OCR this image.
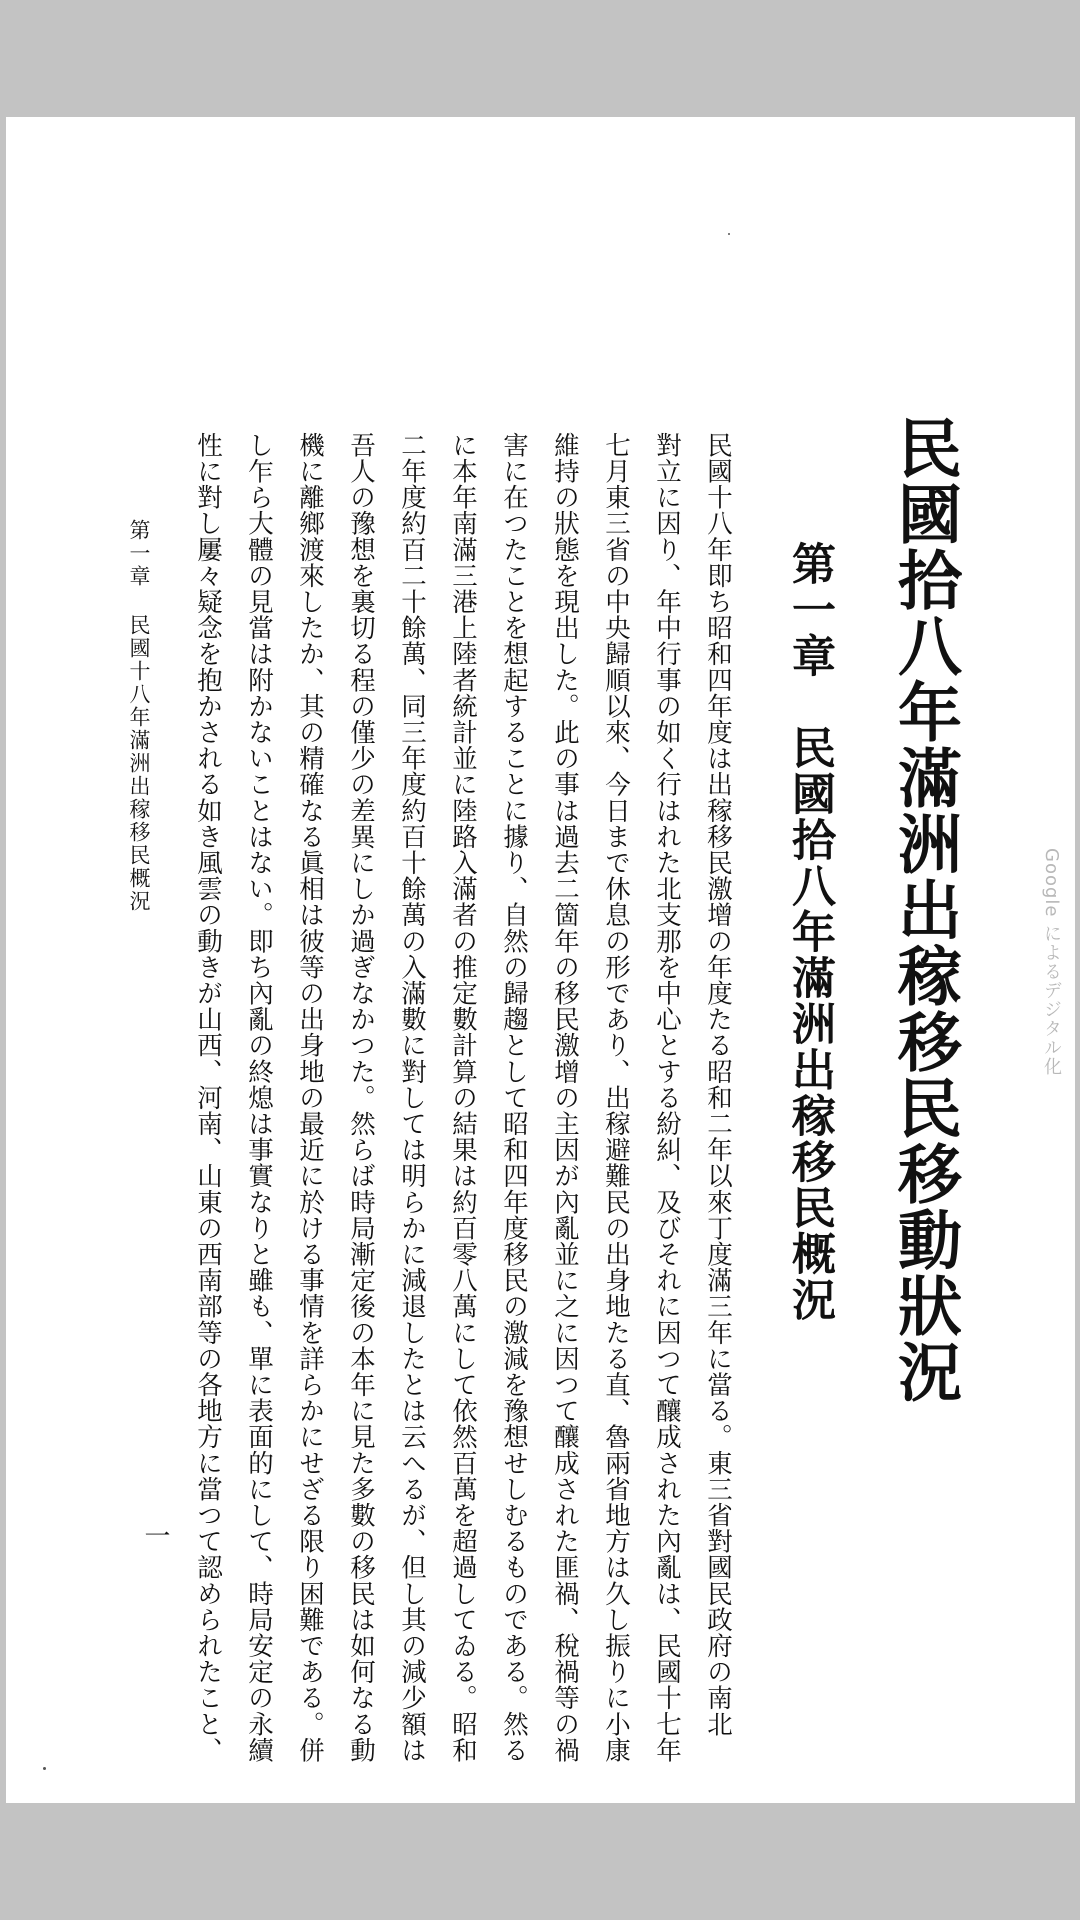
民國拾八年滿洲出稼移民移動狀況
第一章民國拾八年滿洲出稼移民概況
民國十八年即ち昭和四年度は出稼移民激增の年度たる昭和二年以來丁度滿三年に當る。東三省對國民政府の南北
對立に因り、年中行事の如く行はれた北支那を中心とする紛糾、及びそれに因つて釀成された內亂は、民國十七年
七月東三省の中央歸順以來、今日まで休息の形であり、出稼避難民の出身地たる直、魯兩省地方は久し振りに小康
維持の狀態を現出した。此の事は過去二箇年の移民激增の主因が內亂並に之に因つて釀成された匪禍、稅禍等の禍
害に在つたことを想起することに據り、自然の歸趨として昭和四年度移民の激減を豫想せしむるものである。然る
に本年南滿三港上陸者統計並に陸路入滿者の推定數計算の結果は約百零八萬にして依然百萬を超過してゐる。昭和
二年度約百二十餘萬、同三年度約百十餘萬の入滿數に對しては明らかに減退したとは云へるが、但し其の減少額は
吾人の豫想を裏切る程の僅少の差異にしか過ぎなかつた。然らば時局漸定後の本年に見た多數の移民は如何なる動
機に離鄉渡來したか、其の精確なる眞相は彼等の出身地の最近に於ける事情を詳らかにせざる限り困難である。併
し乍ら大體の見當は附かないことはない。即ち內亂の終熄は事實なりと雖も、單に表面的にして、時局安定の永續
性に對し屢々疑念を抱かされる如き風雲の動きが山西、河南、山東の西南部等の各地方に當つて認められたこと、
第一章民國十八年滿洲出稼移民概況
一
Google によるデジタル化
